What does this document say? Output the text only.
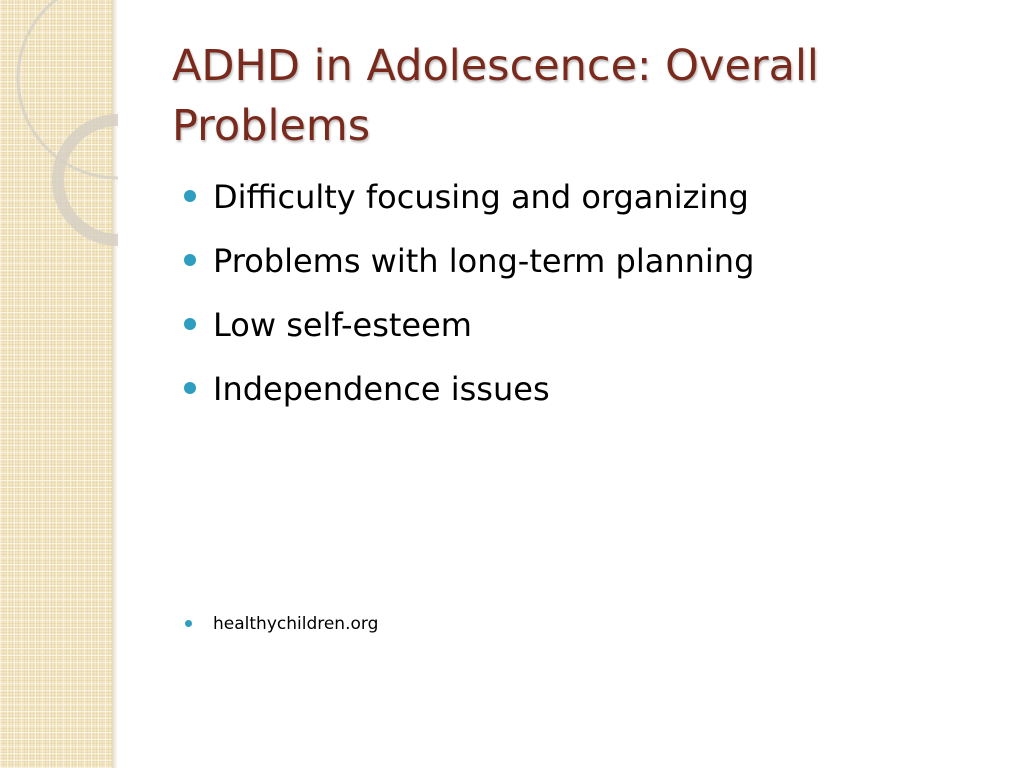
ADHD in Adolescence: Overall Problems
Difficulty focusing and organizing
Problems with long-term planning
Low self-esteem
Independence issues
healthychildren.org
